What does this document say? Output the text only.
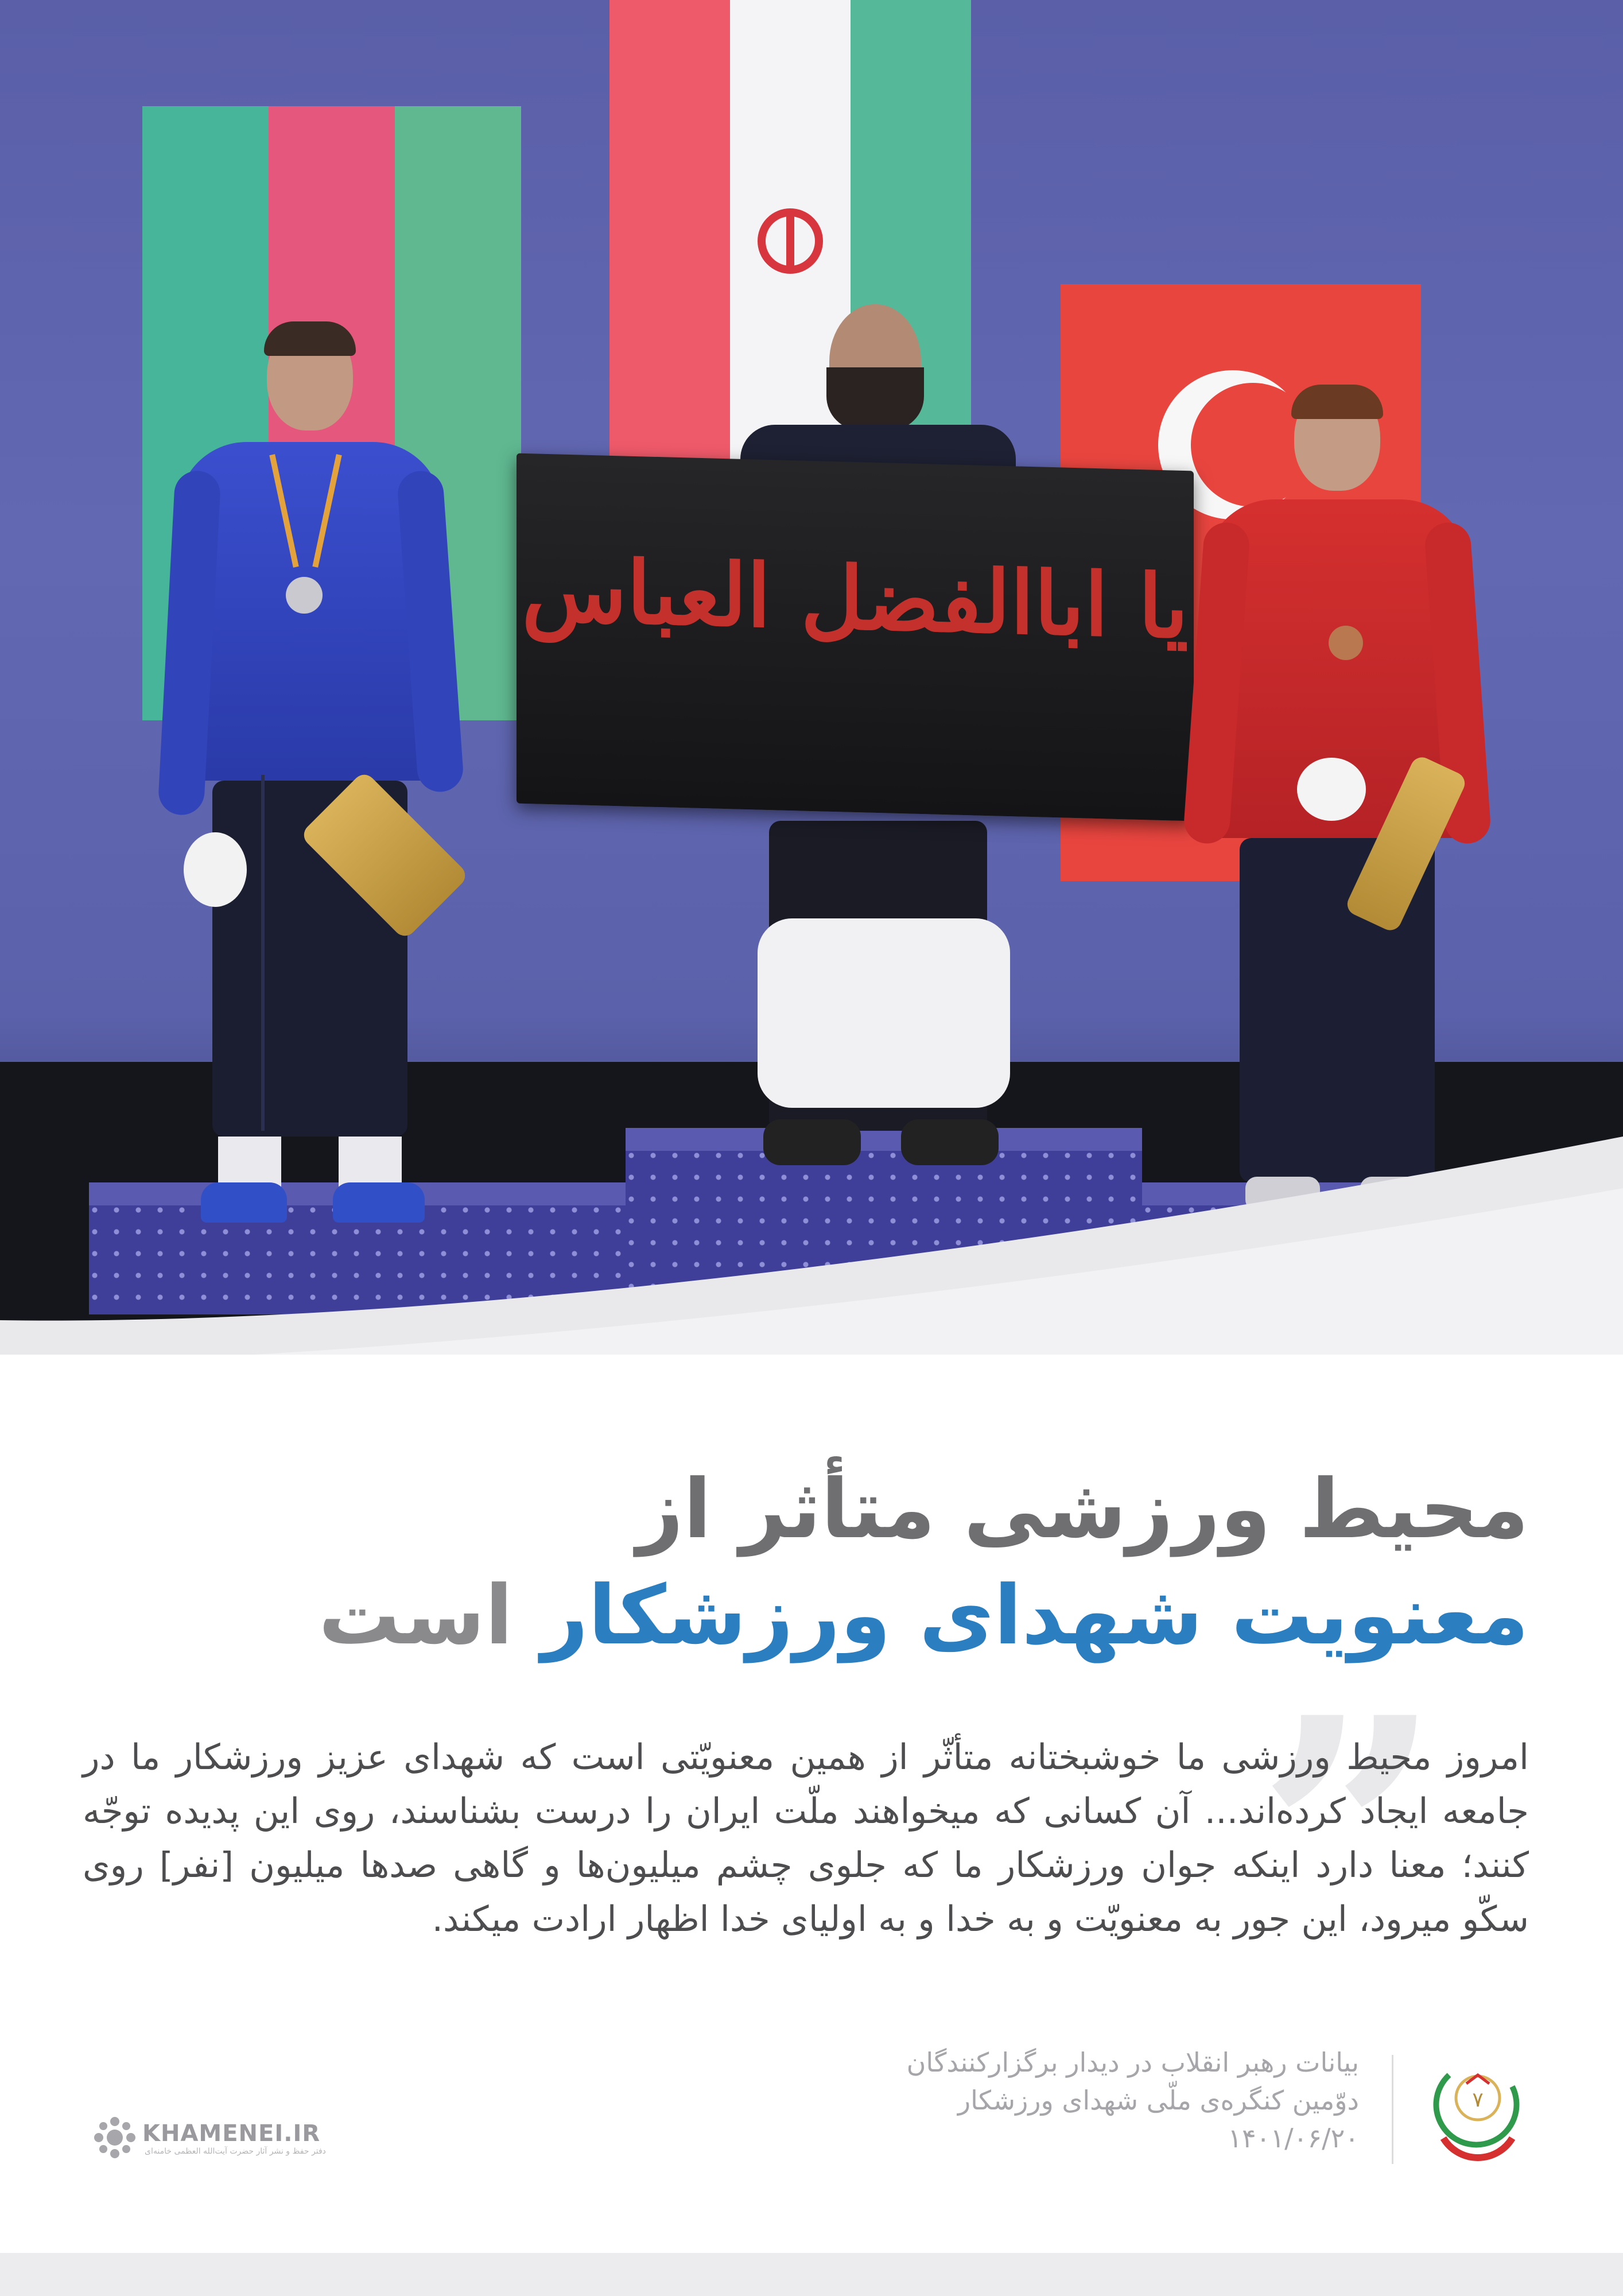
یا اباالفضل العباس
محیط ورزشی متأثر از
معنویت شهدای ورزشکار است
”
امروز محیط ورزشی ما خوشبختانه متأثّر از همین معنویّتی است که شهدای عزیز ورزشکار ما در جامعه ایجاد کرده‌اند... آن کسانی که میخواهند ملّت ایران را درست بشناسند، روی این پدیده توجّه کنند؛ معنا دارد اینکه جوان ورزشکار ما که جلوی چشم میلیون‌ها و گاهی صدها میلیون [نفر] روی سکّو میرود، این جور به معنویّت و به خدا و به اولیای خدا اظهار ارادت میکند.
بیانات رهبر انقلاب در دیدار برگزارکنندگان
دوّمین کنگره‌ی ملّی شهدای ورزشکار
۱۴۰۱/۰۶/۲۰
٧
KHAMENEI.IR
دفتر حفظ و نشر آثار حضرت آیت‌الله العظمی خامنه‌ای
